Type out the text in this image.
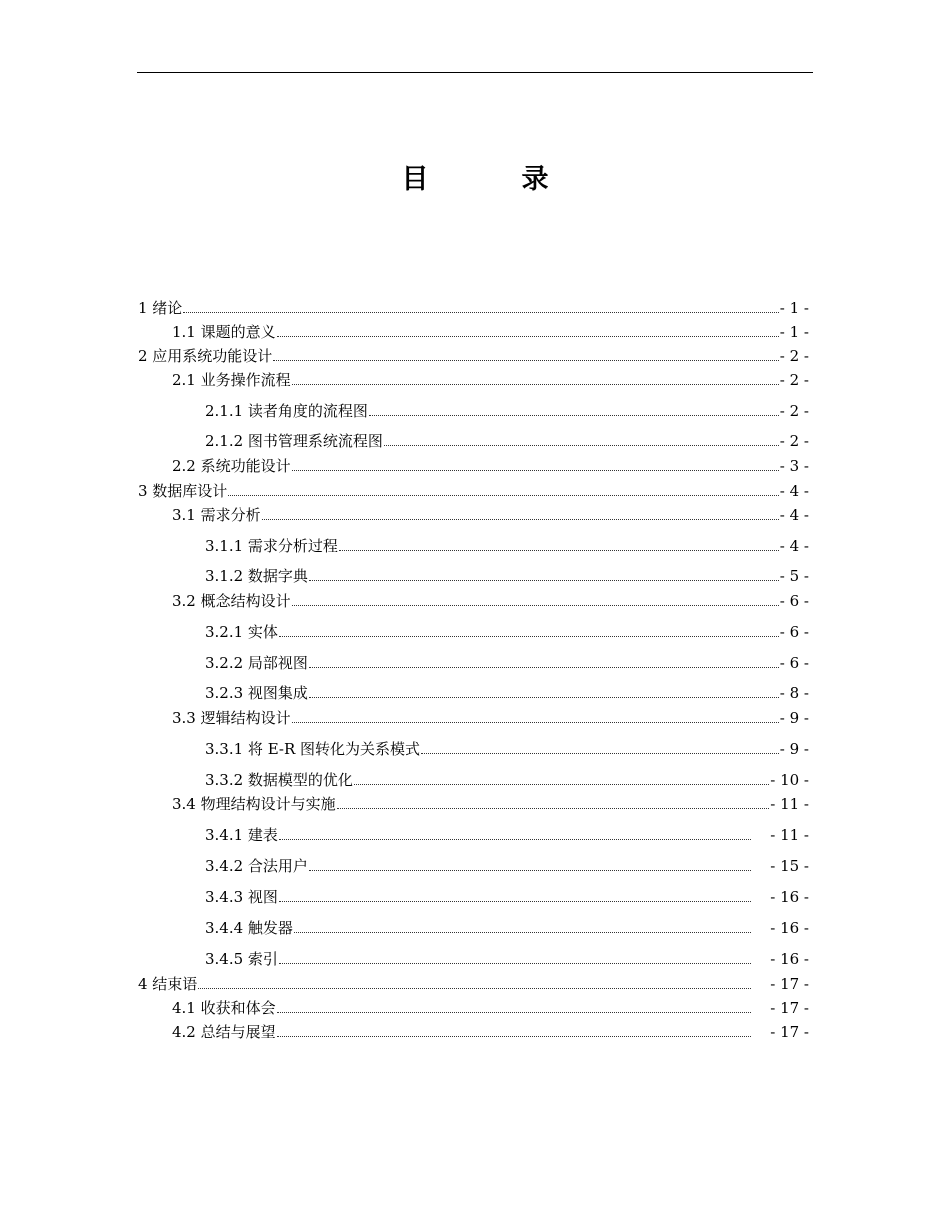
目　录
1 绪论	- 1 -
1.1 课题的意义	- 1 -
2 应用系统功能设计	- 2 -
2.1 业务操作流程	- 2 -
2.1.1 读者角度的流程图	- 2 -
2.1.2 图书管理系统流程图	- 2 -
2.2 系统功能设计	- 3 -
3 数据库设计	- 4 -
3.1 需求分析	- 4 -
3.1.1 需求分析过程	- 4 -
3.1.2 数据字典	- 5 -
3.2 概念结构设计	- 6 -
3.2.1 实体	- 6 -
3.2.2 局部视图	- 6 -
3.2.3 视图集成	- 8 -
3.3 逻辑结构设计	- 9 -
3.3.1 将 E-R 图转化为关系模式	- 9 -
3.3.2 数据模型的优化	- 10 -
3.4 物理结构设计与实施	- 11 -
3.4.1 建表	- 11 -
3.4.2 合法用户	- 15 -
3.4.3 视图	- 16 -
3.4.4 触发器	- 16 -
3.4.5 索引	- 16 -
4 结束语	- 17 -
4.1 收获和体会	- 17 -
4.2 总结与展望	- 17 -
